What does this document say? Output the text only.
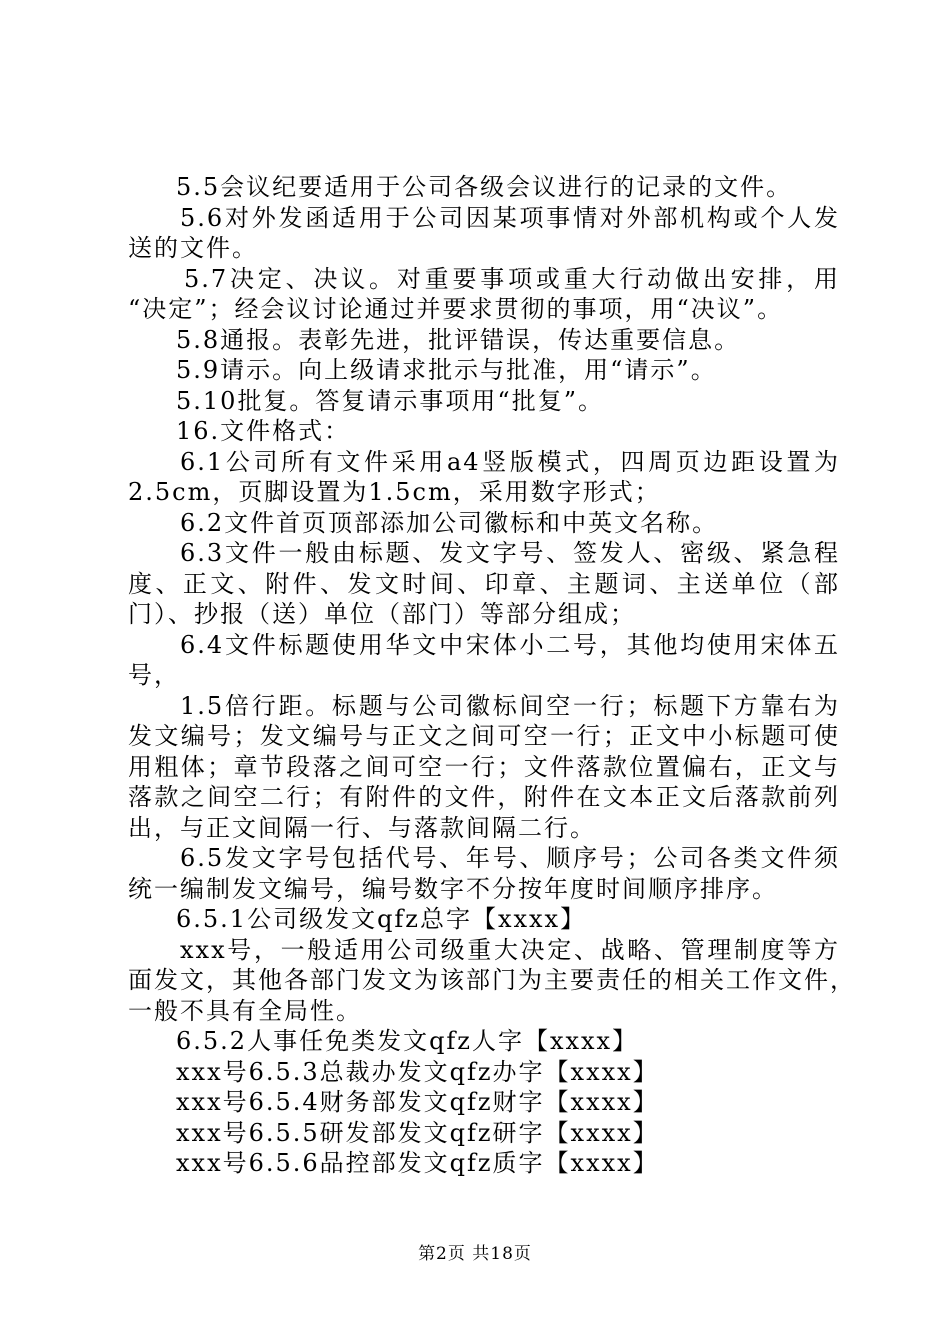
5.5会议纪要适用于公司各级会议进行的记录的文件。
5.6对外发函适用于公司因某项事情对外部机构或个人发
送的文件。
5.7决定、决议。对重要事项或重大行动做出安排，用
“决定”；经会议讨论通过并要求贯彻的事项，用“决议”。
5.8通报。表彰先进，批评错误，传达重要信息。
5.9请示。向上级请求批示与批准，用“请示”。
5.10批复。答复请示事项用“批复”。
16.文件格式：
6.1公司所有文件采用a4竖版模式，四周页边距设置为
2.5cm，页脚设置为1.5cm，采用数字形式；
6.2文件首页顶部添加公司徽标和中英文名称。
6.3文件一般由标题、发文字号、签发人、密级、紧急程
度、正文、附件、发文时间、印章、主题词、主送单位（部
门）、抄报（送）单位（部门）等部分组成；
6.4文件标题使用华文中宋体小二号，其他均使用宋体五
号，
1.5倍行距。标题与公司徽标间空一行；标题下方靠右为
发文编号；发文编号与正文之间可空一行；正文中小标题可使
用粗体；章节段落之间可空一行；文件落款位置偏右，正文与
落款之间空二行；有附件的文件，附件在文本正文后落款前列
出，与正文间隔一行、与落款间隔二行。
6.5发文字号包括代号、年号、顺序号；公司各类文件须
统一编制发文编号，编号数字不分按年度时间顺序排序。
6.5.1公司级发文qfz总字【xxxx】
xxx号，一般适用公司级重大决定、战略、管理制度等方
面发文，其他各部门发文为该部门为主要责任的相关工作文件，
一般不具有全局性。
6.5.2人事任免类发文qfz人字【xxxx】
xxx号6.5.3总裁办发文qfz办字【xxxx】
xxx号6.5.4财务部发文qfz财字【xxxx】
xxx号6.5.5研发部发文qfz研字【xxxx】
xxx号6.5.6品控部发文qfz质字【xxxx】
第2页 共18页
